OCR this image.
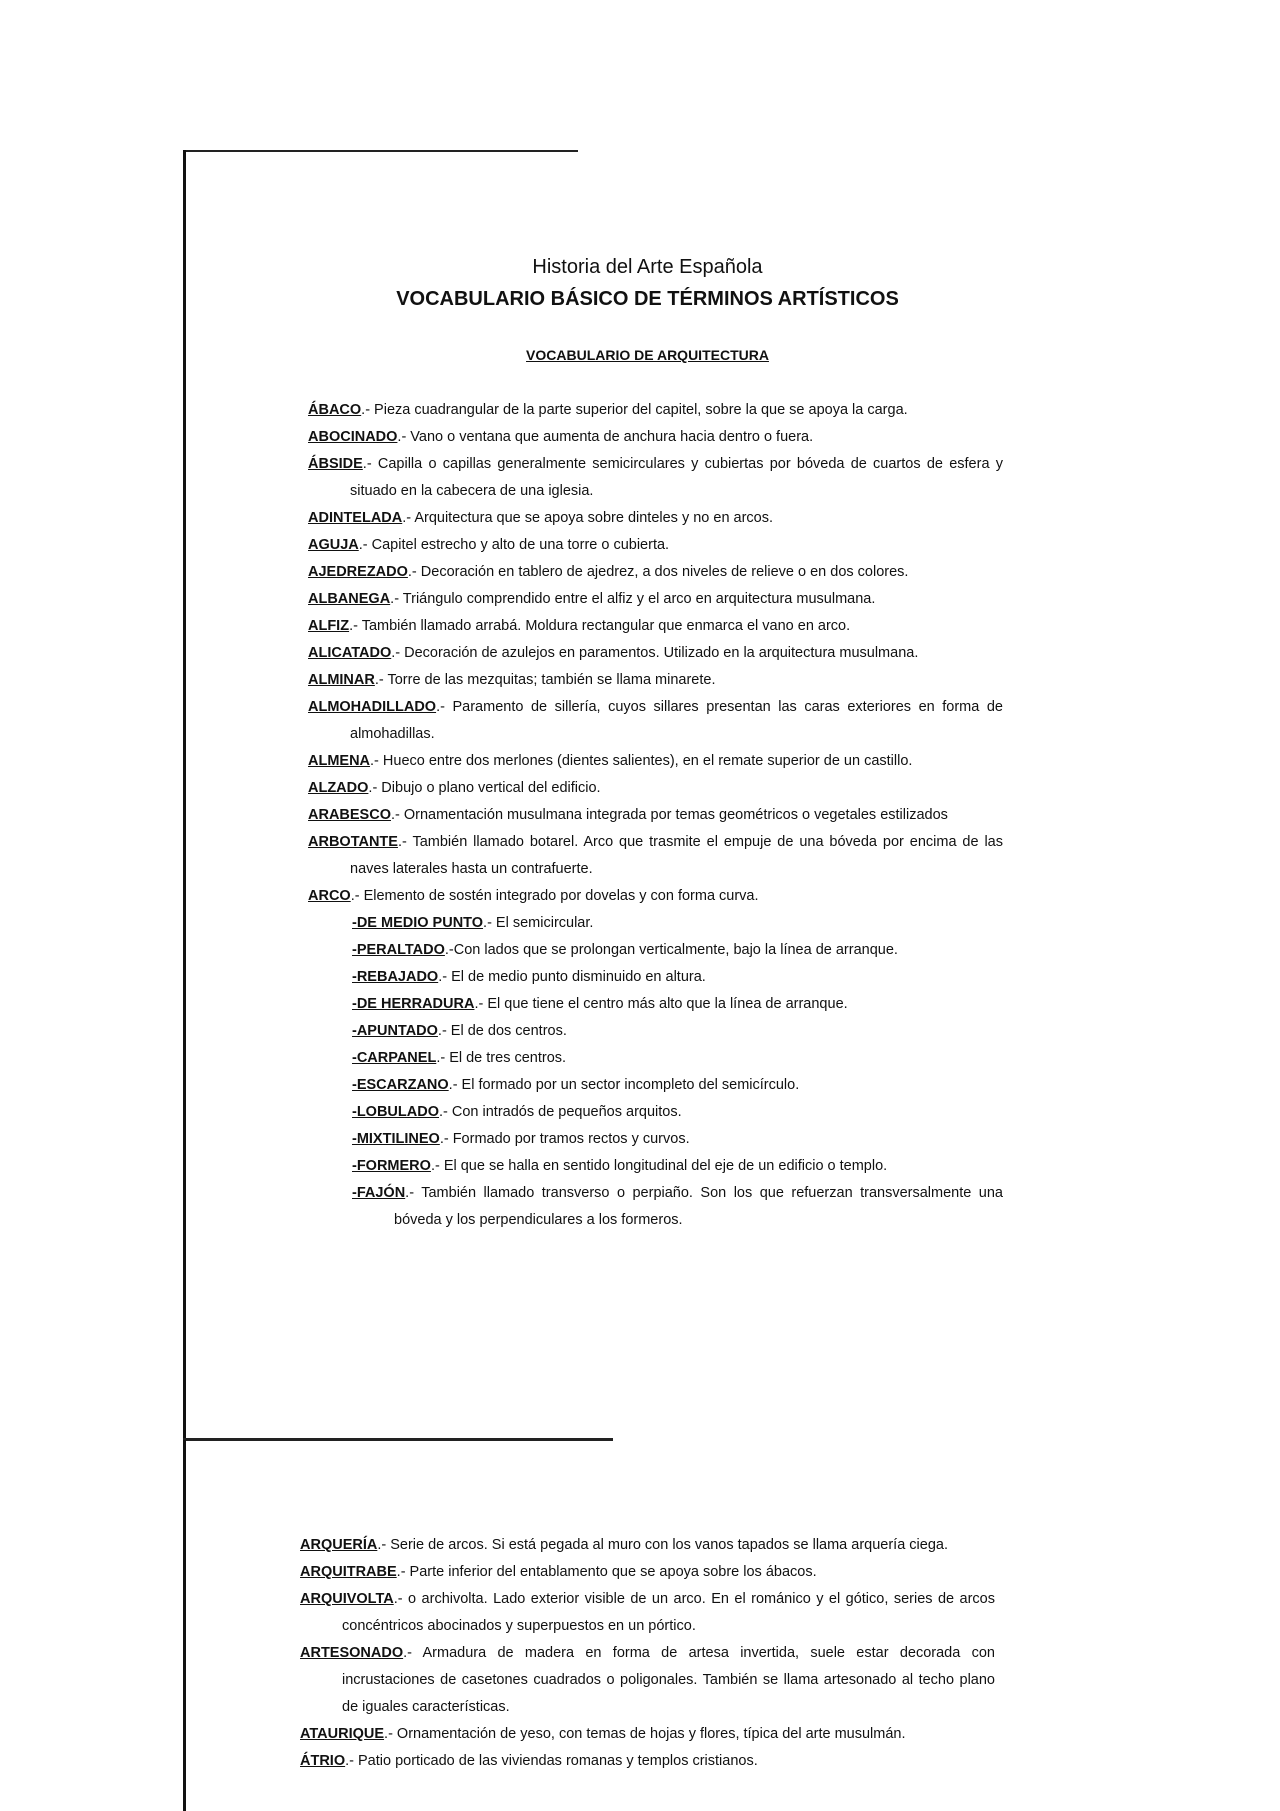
Historia del Arte Española
VOCABULARIO BÁSICO DE TÉRMINOS ARTÍSTICOS
VOCABULARIO DE ARQUITECTURA
ÁBACO.- Pieza cuadrangular de la parte superior del capitel, sobre la que se apoya la carga.
ABOCINADO.- Vano o ventana que aumenta de anchura hacia dentro o fuera.
ÁBSIDE.- Capilla o capillas generalmente semicirculares y cubiertas por bóveda de cuartos de esfera y situado en la cabecera de una iglesia.
ADINTELADA.- Arquitectura que se apoya sobre dinteles y no en arcos.
AGUJA.- Capitel estrecho y alto de una torre o cubierta.
AJEDREZADO.- Decoración en tablero de ajedrez, a dos niveles de relieve o en dos colores.
ALBANEGA.- Triángulo comprendido entre el alfiz y el arco en arquitectura musulmana.
ALFIZ.- También llamado arrabá. Moldura rectangular que enmarca el vano en arco.
ALICATADO.- Decoración de azulejos en paramentos. Utilizado en la arquitectura musulmana.
ALMINAR.- Torre de las mezquitas; también se llama minarete.
ALMOHADILLADO.- Paramento de sillería, cuyos sillares presentan las caras exteriores en forma de almohadillas.
ALMENA.- Hueco entre dos merlones (dientes salientes), en el remate superior de un castillo.
ALZADO.- Dibujo o plano vertical del edificio.
ARABESCO.- Ornamentación musulmana integrada por temas geométricos o vegetales estilizados
ARBOTANTE.- También llamado botarel. Arco que trasmite el empuje de una bóveda por encima de las naves laterales hasta un contrafuerte.
ARCO.- Elemento de sostén integrado por dovelas y con forma curva.
-DE MEDIO PUNTO.- El semicircular.
-PERALTADO.-Con lados que se prolongan verticalmente, bajo la línea de arranque.
-REBAJADO.- El de medio punto disminuido en altura.
-DE HERRADURA.- El que tiene el centro más alto que la línea de arranque.
-APUNTADO.- El de dos centros.
-CARPANEL.- El de tres centros.
-ESCARZANO.- El formado por un sector incompleto del semicírculo.
-LOBULADO.- Con intradós de pequeños arquitos.
-MIXTILINEO.- Formado por tramos rectos y curvos.
-FORMERO.- El que se halla en sentido longitudinal del eje de un edificio o templo.
-FAJÓN.- También llamado transverso o perpiaño. Son los que refuerzan transversalmente una bóveda y los perpendiculares a los formeros.
ARQUERÍA.- Serie de arcos. Si está pegada al muro con los vanos tapados se llama arquería ciega.
ARQUITRABE.- Parte inferior del entablamento que se apoya sobre los ábacos.
ARQUIVOLTA.- o archivolta. Lado exterior visible de un arco. En el románico y el gótico, series de arcos concéntricos abocinados y superpuestos en un pórtico.
ARTESONADO.- Armadura de madera en forma de artesa invertida, suele estar decorada con incrustaciones de casetones cuadrados o poligonales. También se llama artesonado al techo plano de iguales características.
ATAURIQUE.- Ornamentación de yeso, con temas de hojas y flores, típica del arte musulmán.
ÁTRIO.- Patio porticado de las viviendas romanas y templos cristianos.
